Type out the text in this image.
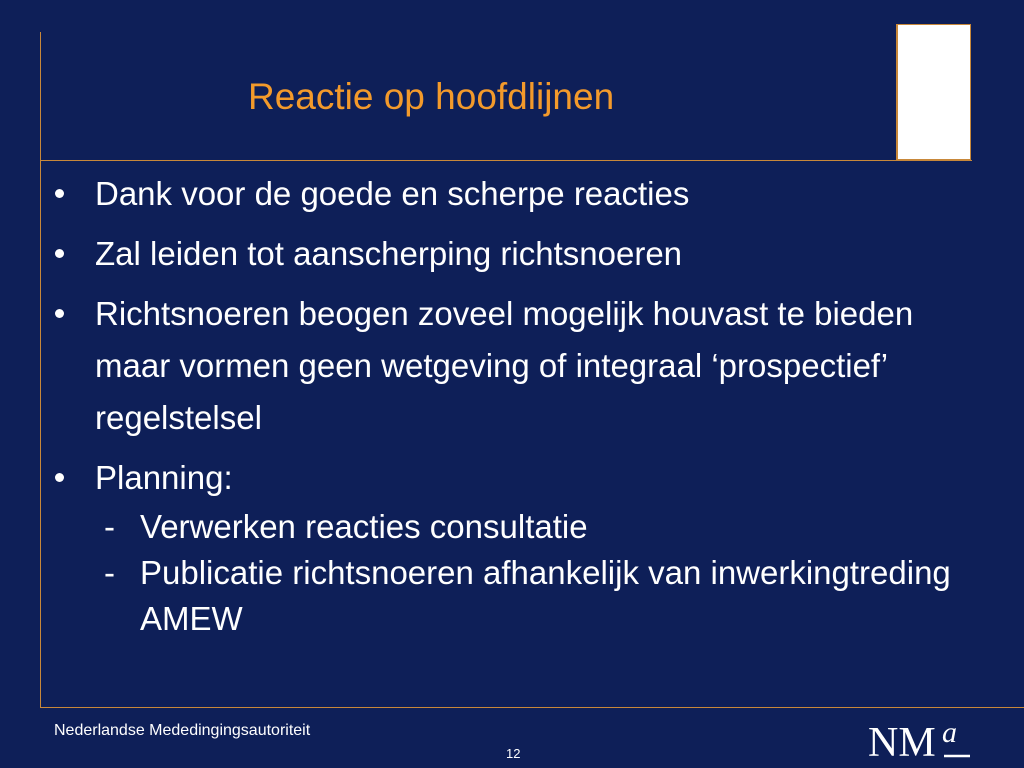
Reactie op hoofdlijnen
Dank voor de goede en scherpe reacties
Zal leiden tot aanscherping richtsnoeren
Richtsnoeren beogen zoveel mogelijk houvast te bieden maar vormen geen wetgeving of integraal ‘prospectief’ regelstelsel
Planning:
- Verwerken reacties consultatie
- Publicatie richtsnoeren afhankelijk van inwerkingtreding AMEW
Nederlandse Mededingingsautoriteit
12	NM a
